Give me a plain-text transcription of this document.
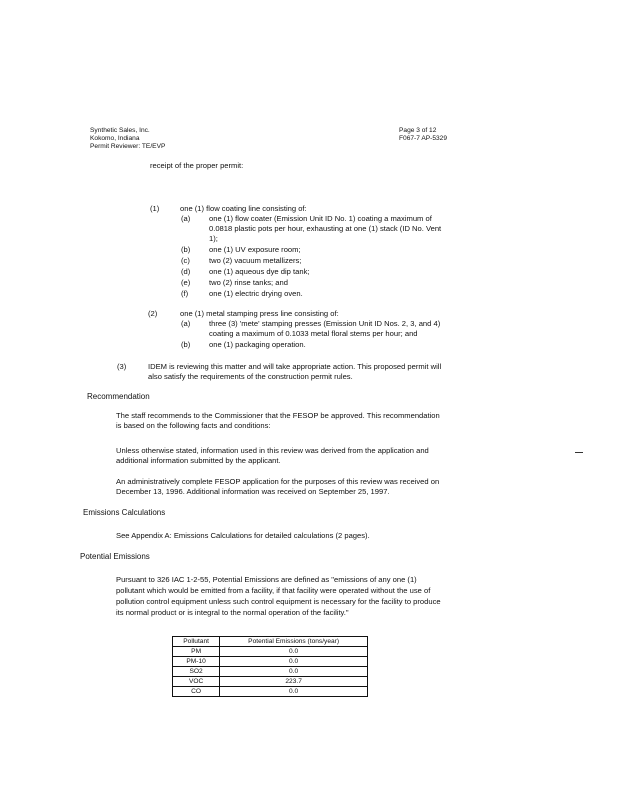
Synthetic Sales, Inc.
Kokomo, Indiana
Permit Reviewer: TE/EVP
Page 3 of 12
F067-7 AP-5329
receipt of the proper permit:
(1)	one (1) flow coating line consisting of:
(a) one (1) flow coater (Emission Unit ID No. 1) coating a maximum of
0.0818 plastic pots per hour, exhausting at one (1) stack (ID No. Vent
1);
(b) one (1) UV exposure room;
(c)	two (2) vacuum metallizers;
(d) one (1) aqueous dye dip tank;
(e) two (2) rinse tanks; and
(f)	one (1) electric drying oven.
(2)	one (1) metal stamping press line consisting of:
(a) three (3) 'mete' stamping presses (Emission Unit ID Nos. 2, 3, and 4)
coating a maximum of 0.1033 metal floral stems per hour; and
(b) one (1) packaging operation.
(3)	IDEM is reviewing this matter and will take appropriate action. This proposed permit will
also satisfy the requirements of the construction permit rules.
Recommendation
The staff recommends to the Commissioner that the FESOP be approved. This recommendation
is based on the following facts and conditions:
Unless otherwise stated, information used in this review was derived from the application and
additional information submitted by the applicant.
An administratively complete FESOP application for the purposes of this review was received on
December 13, 1996. Additional information was received on September 25, 1997.
Emissions Calculations
See Appendix A: Emissions Calculations for detailed calculations (2 pages).
Potential Emissions
Pursuant to 326 IAC 1-2-55, Potential Emissions are defined as "emissions of any one (1)
pollutant which would be emitted from a facility, if that facility were operated without the use of
pollution control equipment unless such control equipment is necessary for the facility to produce
its normal product or is integral to the normal operation of the facility."
Pollutant	Potential Emissions (tons/year)
PM	0.0
PM-10	0.0
SO2	0.0
VOC	223.7
CO	0.0
